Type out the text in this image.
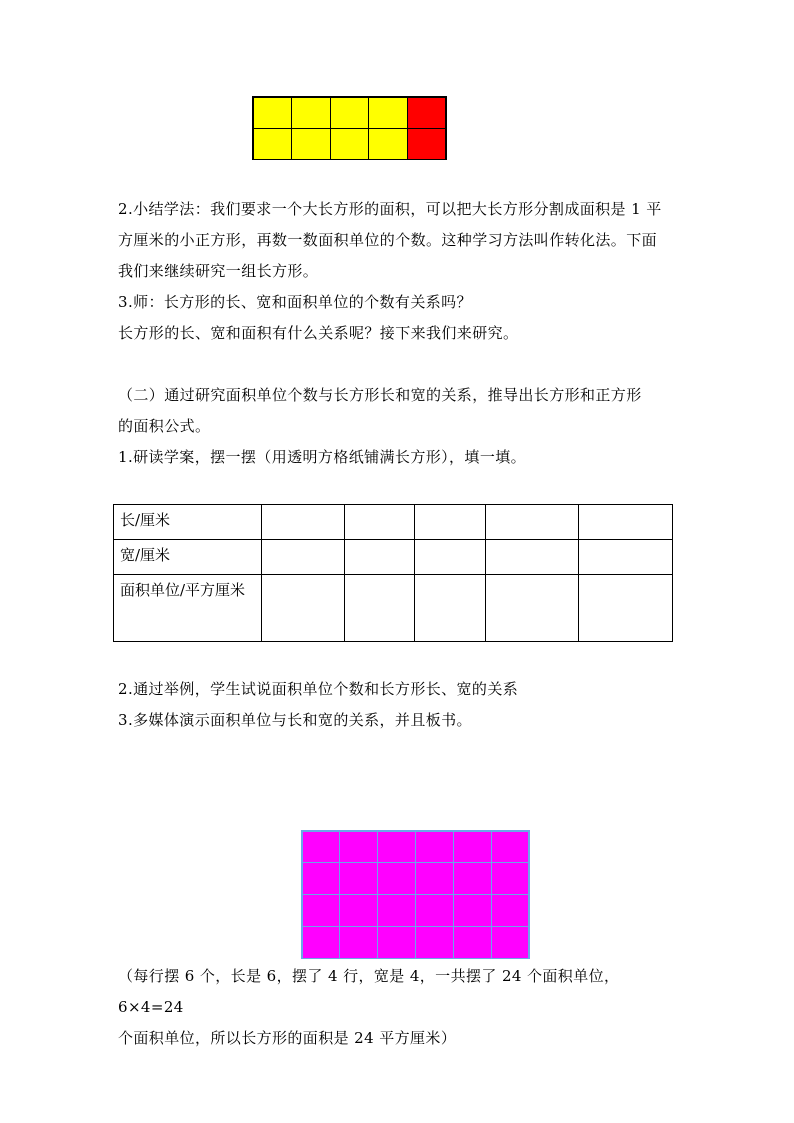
2.小结学法：我们要求一个大长方形的面积，可以把大长方形分割成面积是 1 平
方厘米的小正方形，再数一数面积单位的个数。这种学习方法叫作转化法。下面
我们来继续研究一组长方形。
3.师：长方形的长、宽和面积单位的个数有关系吗？
长方形的长、宽和面积有什么关系呢？接下来我们来研究。
（二）通过研究面积单位个数与长方形长和宽的关系，推导出长方形和正方形
的面积公式。
1.研读学案，摆一摆（用透明方格纸铺满长方形），填一填。
长/厘米					
宽/厘米					
面积单位/平方厘米					
2.通过举例，学生试说面积单位个数和长方形长、宽的关系
3.多媒体演示面积单位与长和宽的关系，并且板书。
（每行摆 6 个，长是 6，摆了 4 行，宽是 4，一共摆了 24 个面积单位，6×4=24
个面积单位，所以长方形的面积是 24 平方厘米）
